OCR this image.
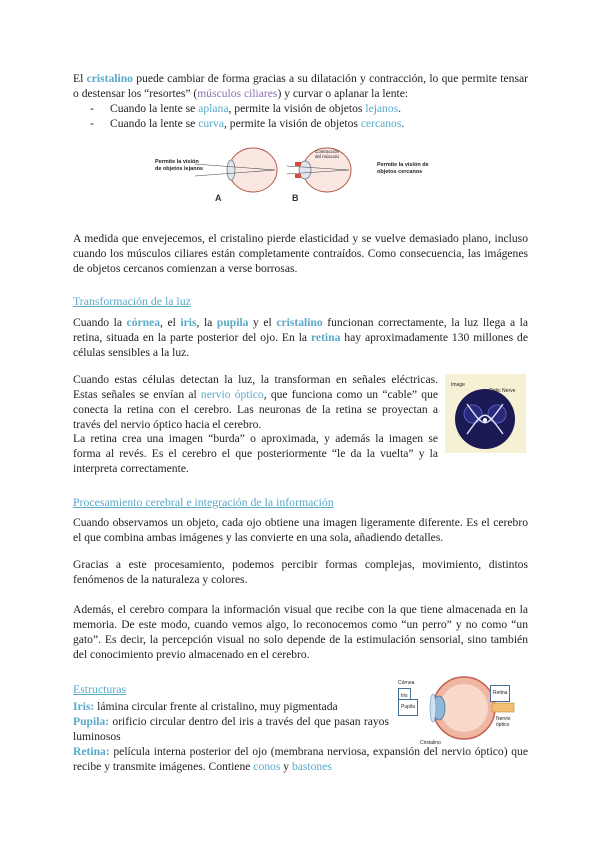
El cristalino puede cambiar de forma gracias a su dilatación y contracción, lo que permite tensar o destensar los “resortes” (músculos ciliares) y curvar o aplanar la lente:
- Cuando la lente se aplana, permite la visión de objetos lejanos.
- Cuando la lente se curva, permite la visión de objetos cercanos.
Permite la visión
de objetos lejanos
Contracción
del músculo
Permite la visión de
objetos cercanos
A	B
A medida que envejecemos, el cristalino pierde elasticidad y se vuelve demasiado plano, incluso cuando los músculos ciliares están completamente contraídos. Como consecuencia, las imágenes de objetos cercanos comienzan a verse borrosas.
Transformación de la luz
Cuando la córnea, el iris, la pupila y el cristalino funcionan correctamente, la luz llega a la retina, situada en la parte posterior del ojo. En la retina hay aproximadamente 130 millones de células sensibles a la luz.
Cuando estas células detectan la luz, la transforman en señales eléctricas. Estas señales se envían al nervio óptico, que funciona como un “cable” que conecta la retina con el cerebro. Las neuronas de la retina se proyectan a través del nervio óptico hacia el cerebro.
La retina crea una imagen “burda” o aproximada, y además la imagen se forma al revés. Es el cerebro el que posteriormente “le da la vuelta” y la interpreta correctamente.
Image
Optic Nerve
Procesamiento cerebral e integración de la información
Cuando observamos un objeto, cada ojo obtiene una imagen ligeramente diferente. Es el cerebro el que combina ambas imágenes y las convierte en una sola, añadiendo detalles.
Gracias a este procesamiento, podemos percibir formas complejas, movimiento, distintos fenómenos de la naturaleza y colores.
Además, el cerebro compara la información visual que recibe con la que tiene almacenada en la memoria. De este modo, cuando vemos algo, lo reconocemos como “un perro” y no como “un gato”. Es decir, la percepción visual no solo depende de la estimulación sensorial, sino también del conocimiento previo almacenado en el cerebro.
Estructuras
Iris: lámina circular frente al cristalino, muy pigmentada
Pupila: orificio circular dentro del iris a través del que pasan rayos luminosos
Retina: película interna posterior del ojo (membrana nerviosa, expansión del nervio óptico) que recibe y transmite imágenes. Contiene conos y bastones
Córnea
Iris
Pupila
Retina
Nervio óptico
Cristalino
